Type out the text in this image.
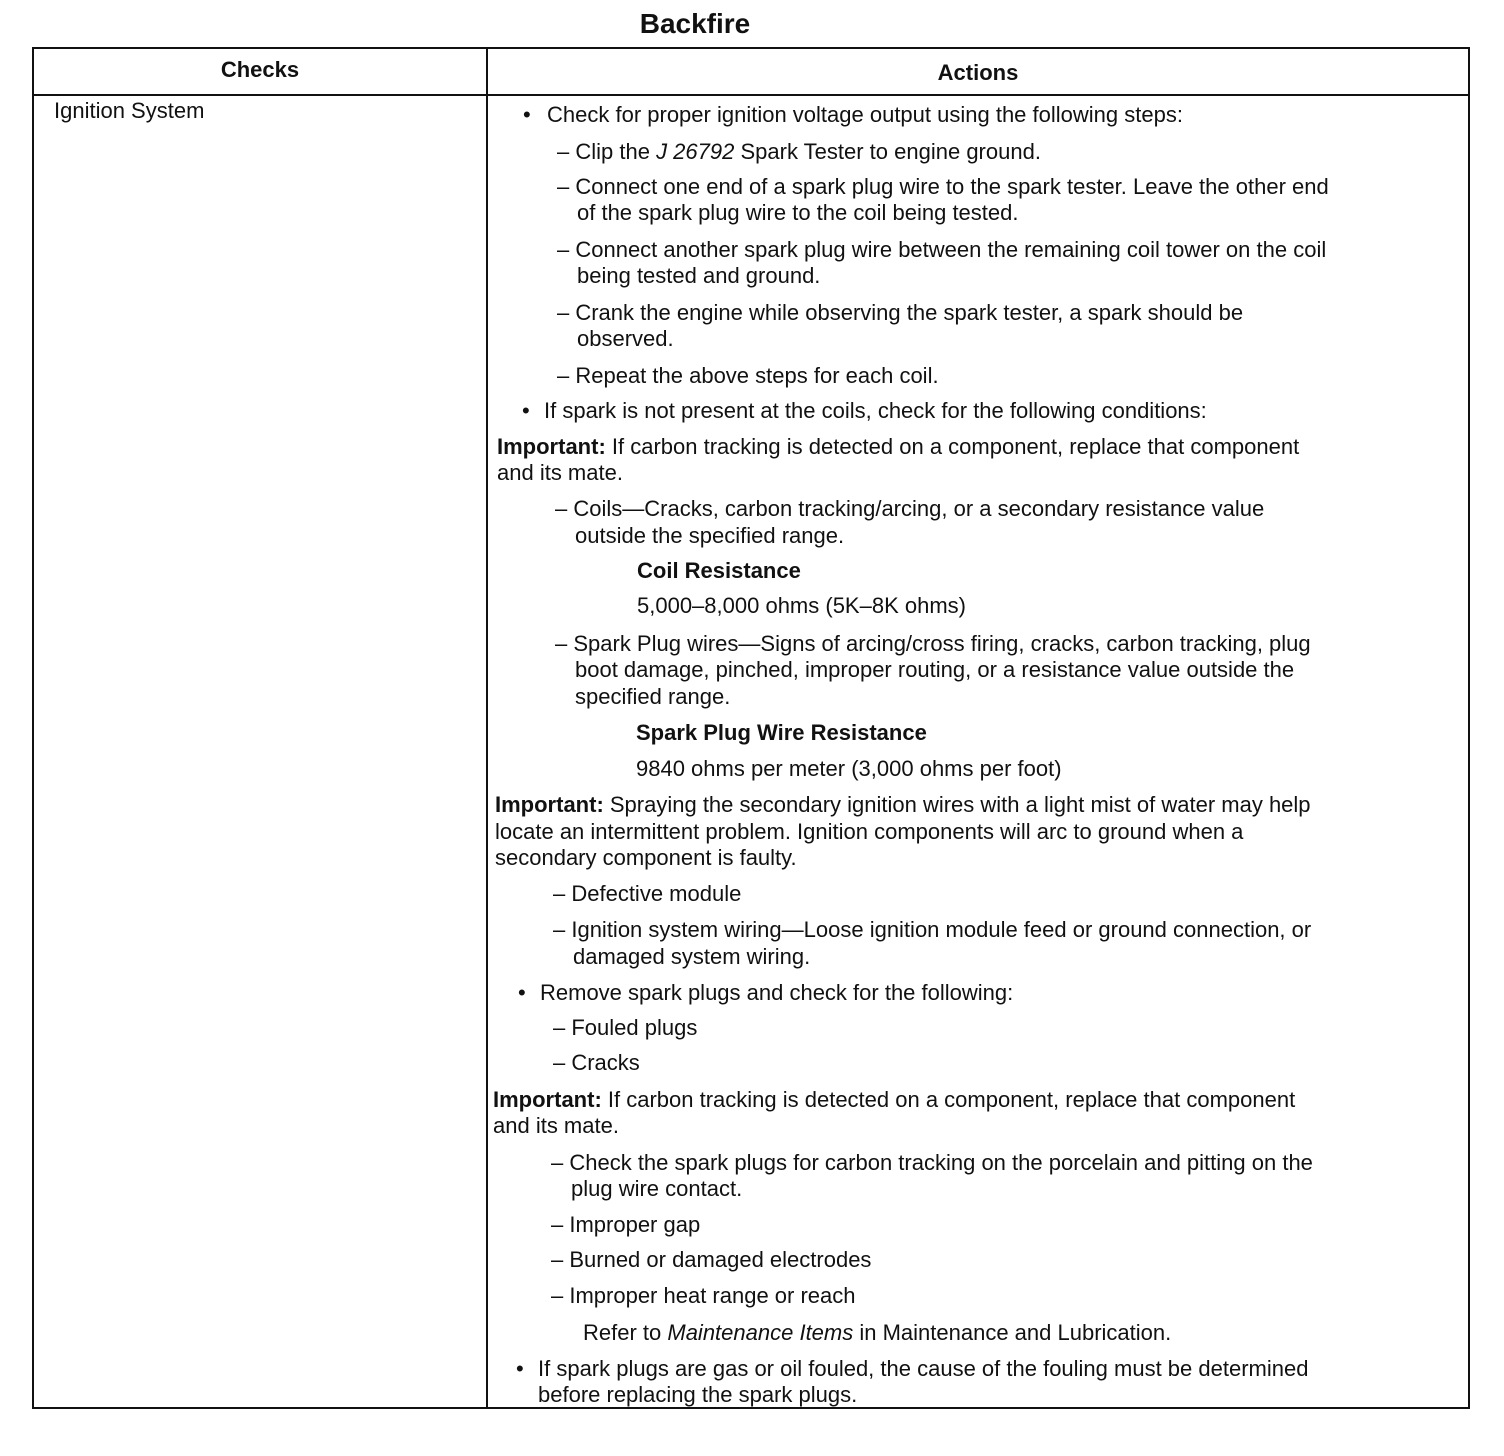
Backfire
Checks	Actions
Ignition System	• Check for proper ignition voltage output using the following steps:
– Clip the J 26792 Spark Tester to engine ground.
– Connect one end of a spark plug wire to the spark tester. Leave the other end
of the spark plug wire to the coil being tested.
– Connect another spark plug wire between the remaining coil tower on the coil
being tested and ground.
– Crank the engine while observing the spark tester, a spark should be
observed.
– Repeat the above steps for each coil.
• If spark is not present at the coils, check for the following conditions:
Important: If carbon tracking is detected on a component, replace that component
and its mate.
– Coils—Cracks, carbon tracking/arcing, or a secondary resistance value
outside the specified range.
Coil Resistance
5,000–8,000 ohms (5K–8K ohms)
– Spark Plug wires—Signs of arcing/cross firing, cracks, carbon tracking, plug
boot damage, pinched, improper routing, or a resistance value outside the
specified range.
Spark Plug Wire Resistance
9840 ohms per meter (3,000 ohms per foot)
Important: Spraying the secondary ignition wires with a light mist of water may help
locate an intermittent problem. Ignition components will arc to ground when a
secondary component is faulty.
– Defective module
– Ignition system wiring—Loose ignition module feed or ground connection, or
damaged system wiring.
• Remove spark plugs and check for the following:
– Fouled plugs
– Cracks
Important: If carbon tracking is detected on a component, replace that component
and its mate.
– Check the spark plugs for carbon tracking on the porcelain and pitting on the
plug wire contact.
– Improper gap
– Burned or damaged electrodes
– Improper heat range or reach
Refer to Maintenance Items in Maintenance and Lubrication.
• If spark plugs are gas or oil fouled, the cause of the fouling must be determined
before replacing the spark plugs.
